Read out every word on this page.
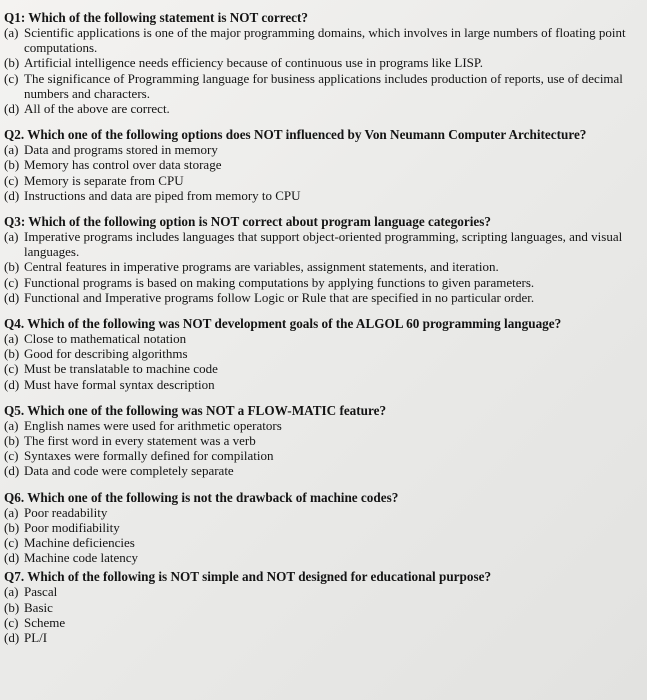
Q1: Which of the following statement is NOT correct?

(a) Scientific applications is one of the major programming domains, which involves in large numbers of floating point computations.

(b) Artificial intelligence needs efficiency because of continuous use in programs like LISP.

(c) The significance of Programming language for business applications includes production of reports, use of decimal numbers and characters.

(d) All of the above are correct.

Q2. Which one of the following options does NOT influenced by Von Neumann Computer Architecture?

(a) Data and programs stored in memory

(b) Memory has control over data storage

(c) Memory is separate from CPU

(d) Instructions and data are piped from memory to CPU

Q3: Which of the following option is NOT correct about program language categories?

(a) Imperative programs includes languages that support object-oriented programming, scripting languages, and visual languages.

(b) Central features in imperative programs are variables, assignment statements, and iteration.

(c) Functional programs is based on making computations by applying functions to given parameters.

(d) Functional and Imperative programs follow Logic or Rule that are specified in no particular order.

Q4. Which of the following was NOT development goals of the ALGOL 60 programming language?

(a) Close to mathematical notation

(b) Good for describing algorithms

(c) Must be translatable to machine code

(d) Must have formal syntax description

Q5. Which one of the following was NOT a FLOW-MATIC feature?

(a) English names were used for arithmetic operators

(b) The first word in every statement was a verb

(c) Syntaxes were formally defined for compilation

(d) Data and code were completely separate

Q6. Which one of the following is not the drawback of machine codes?

(a) Poor readability

(b) Poor modifiability

(c) Machine deficiencies

(d) Machine code latency

Q7. Which of the following is NOT simple and NOT designed for educational purpose?

(a) Pascal

(b) Basic

(c) Scheme

(d) PL/I
